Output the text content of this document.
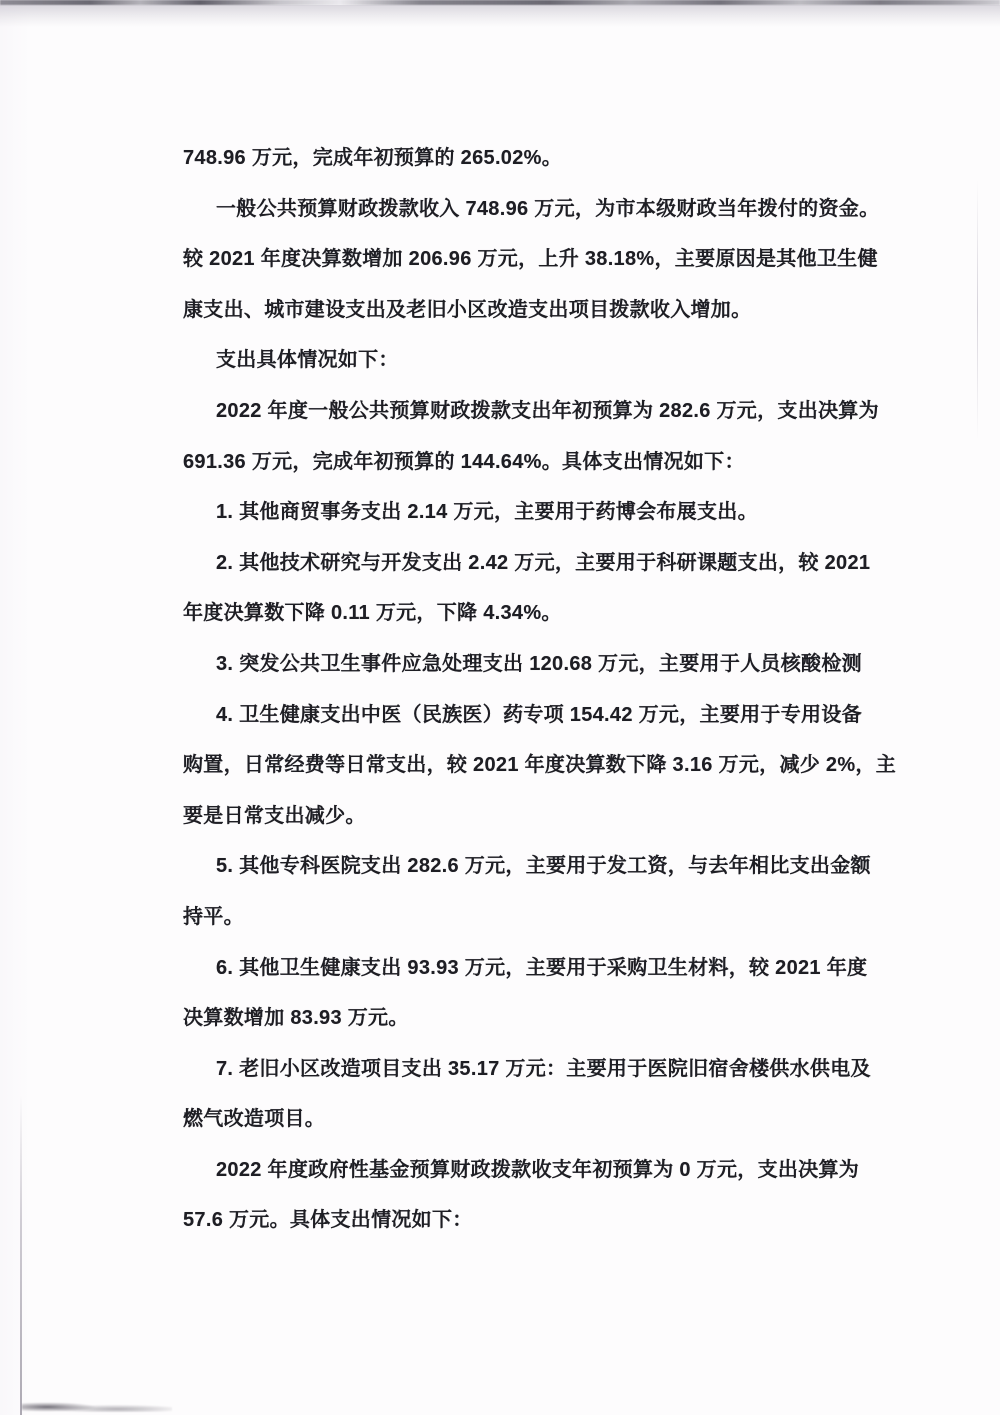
748.96 万元，完成年初预算的 265.02%。
一般公共预算财政拨款收入 748.96 万元，为市本级财政当年拨付的资金。
较 2021 年度决算数增加 206.96 万元，上升 38.18%，主要原因是其他卫生健
康支出、城市建设支出及老旧小区改造支出项目拨款收入增加。
支出具体情况如下：
2022 年度一般公共预算财政拨款支出年初预算为 282.6 万元，支出决算为
691.36 万元，完成年初预算的 144.64%。具体支出情况如下：
1. 其他商贸事务支出 2.14 万元，主要用于药博会布展支出。
2. 其他技术研究与开发支出 2.42 万元，主要用于科研课题支出，较 2021
年度决算数下降 0.11 万元，下降 4.34%。
3. 突发公共卫生事件应急处理支出 120.68 万元，主要用于人员核酸检测
4. 卫生健康支出中医（民族医）药专项 154.42 万元，主要用于专用设备
购置，日常经费等日常支出，较 2021 年度决算数下降 3.16 万元，减少 2%，主
要是日常支出减少。
5. 其他专科医院支出 282.6 万元，主要用于发工资，与去年相比支出金额
持平。
6. 其他卫生健康支出 93.93 万元，主要用于采购卫生材料，较 2021 年度
决算数增加 83.93 万元。
7. 老旧小区改造项目支出 35.17 万元：主要用于医院旧宿舍楼供水供电及
燃气改造项目。
2022 年度政府性基金预算财政拨款收支年初预算为 0 万元，支出决算为
57.6 万元。具体支出情况如下：
